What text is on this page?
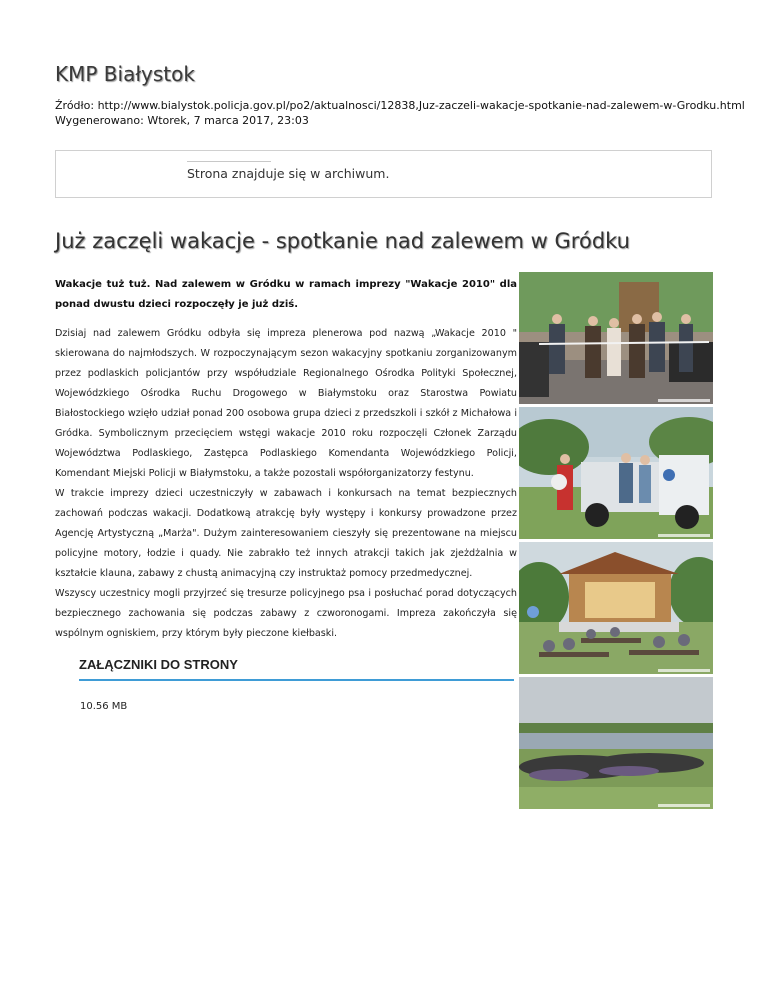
KMP Białystok
Źródło: http://www.bialystok.policja.gov.pl/po2/aktualnosci/12838,Juz-zaczeli-wakacje-spotkanie-nad-zalewem-w-Grodku.html
Wygenerowano: Wtorek, 7 marca 2017, 23:03
Strona znajduje się w archiwum.
Już zaczęli wakacje - spotkanie nad zalewem w Gródku
Wakacje tuż tuż. Nad zalewem w Gródku w ramach imprezy "Wakacje 2010" dla ponad dwustu dzieci rozpoczęły je już dziś.

Dzisiaj nad zalewem Gródku odbyła się impreza plenerowa pod nazwą „Wakacje 2010 " skierowana do najmłodszych. W rozpoczynającym sezon wakacyjny spotkaniu zorganizowanym przez podlaskich policjantów przy współudziale Regionalnego Ośrodka Polityki Społecznej, Wojewódzkiego Ośrodka Ruchu Drogowego w Białymstoku oraz Starostwa Powiatu Białostockiego wzięło udział ponad 200 osobowa grupa dzieci z przedszkoli i szkół z Michałowa i Gródka. Symbolicznym przecięciem wstęgi wakacje 2010 roku rozpoczęli Członek Zarządu Województwa Podlaskiego, Zastępca Podlaskiego Komendanta Wojewódzkiego Policji, Komendant Miejski Policji w Białymstoku, a także pozostali współorganizatorzy festynu.

W trakcie imprezy dzieci uczestniczyły w zabawach i konkursach na temat bezpiecznych zachowań podczas wakacji. Dodatkową atrakcję były występy i konkursy prowadzone przez Agencję Artystyczną „Marża". Dużym zainteresowaniem cieszyły się prezentowane na miejscu policyjne motory, łodzie i quady. Nie zabrakło też innych atrakcji takich jak zjeżdżalnia w kształcie klauna, zabawy z chustą animacyjną czy instruktaż pomocy przedmedycznej.

Wszyscy uczestnicy mogli przyjrzeć się tresurze policyjnego psa i posłuchać porad dotyczących bezpiecznego zachowania się podczas zabawy z czworonogami. Impreza zakończyła się wspólnym ogniskiem, przy którym były pieczone kiełbaski.

ZAŁĄCZNIKI DO STRONY
10.56 MB
